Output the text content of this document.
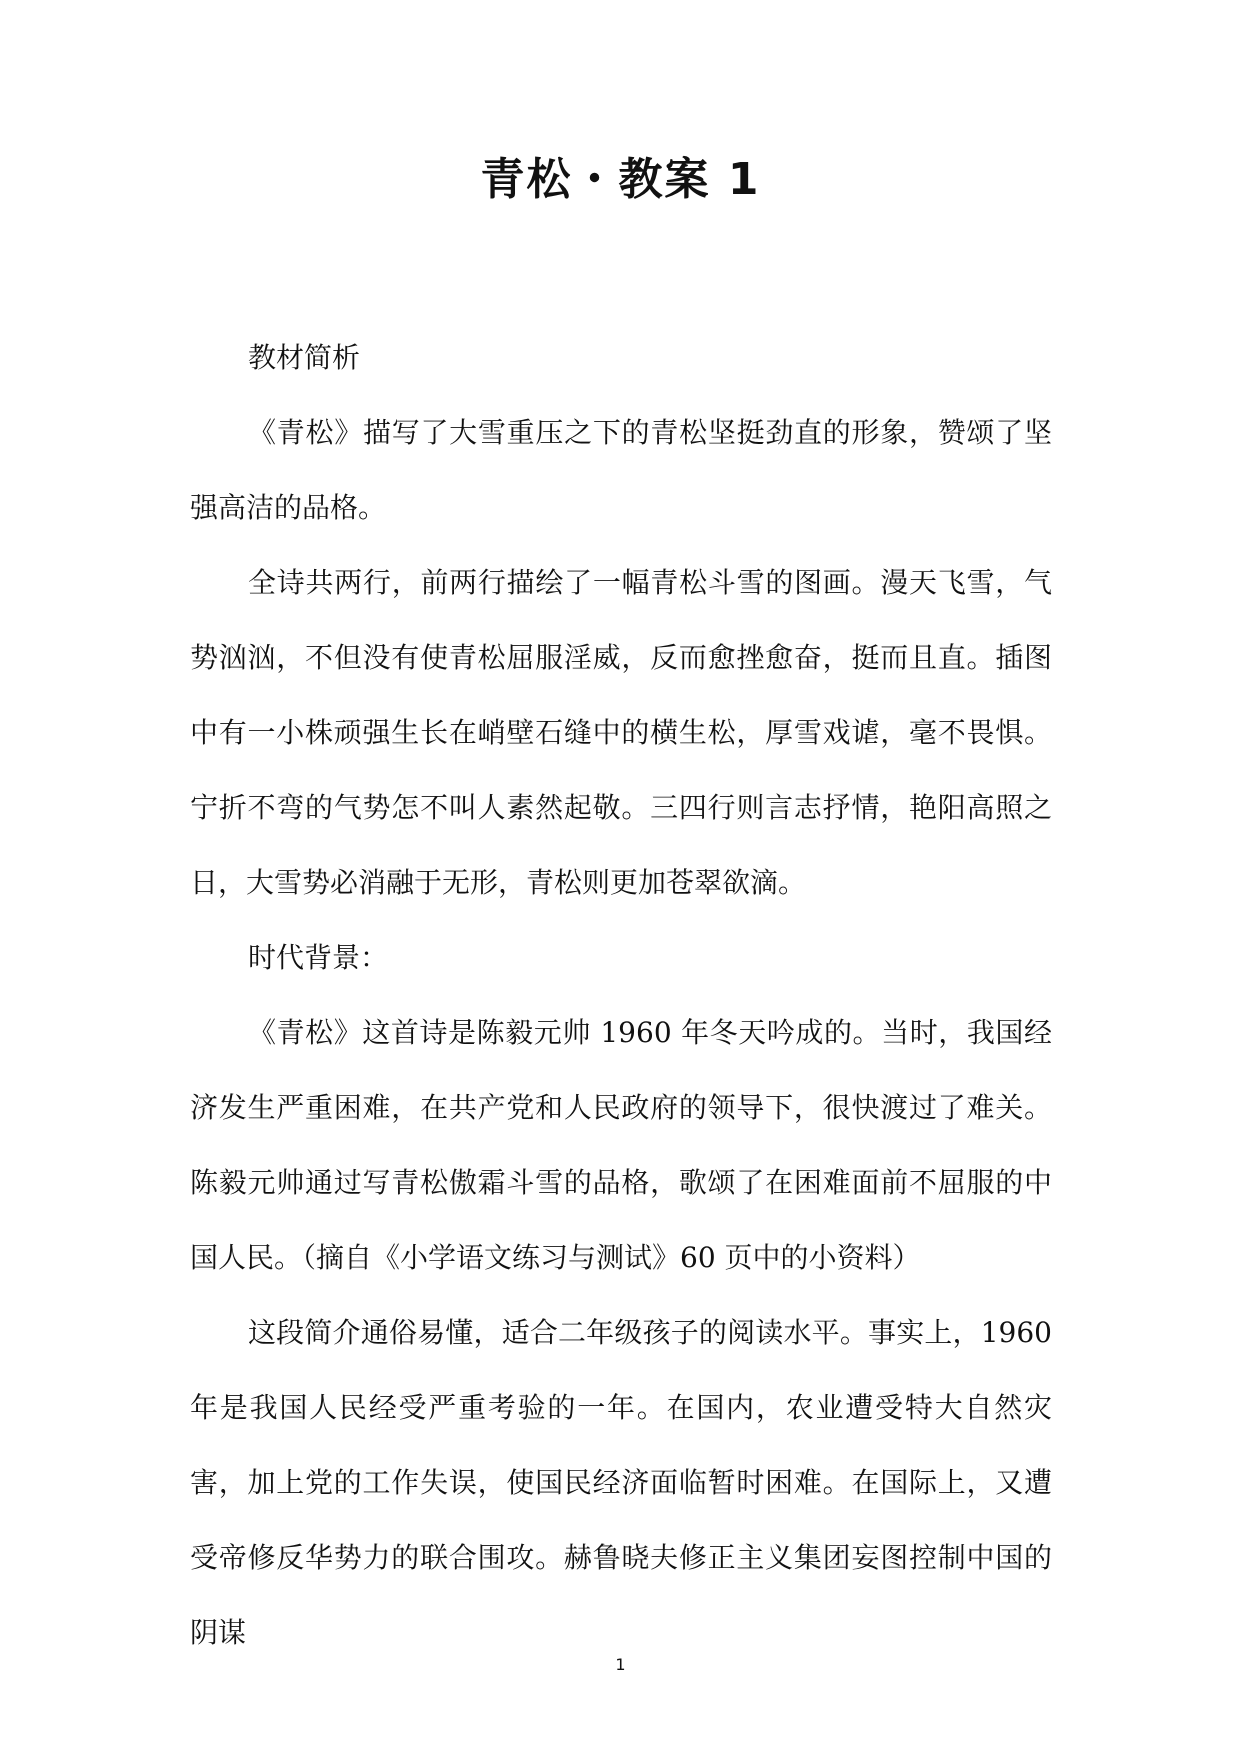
青松・教案 1

教材简析

《青松》描写了大雪重压之下的青松坚挺劲直的形象，赞颂了坚强高洁的品格。

全诗共两行，前两行描绘了一幅青松斗雪的图画。漫天飞雪，气势汹汹，不但没有使青松屈服淫威，反而愈挫愈奋，挺而且直。插图中有一小株顽强生长在峭壁石缝中的横生松，厚雪戏谑，毫不畏惧。宁折不弯的气势怎不叫人素然起敬。三四行则言志抒情，艳阳高照之日，大雪势必消融于无形，青松则更加苍翠欲滴。

时代背景：

《青松》这首诗是陈毅元帅 1960 年冬天吟成的。当时，我国经济发生严重困难，在共产党和人民政府的领导下，很快渡过了难关。陈毅元帅通过写青松傲霜斗雪的品格，歌颂了在困难面前不屈服的中国人民。（摘自《小学语文练习与测试》60 页中的小资料）

这段简介通俗易懂，适合二年级孩子的阅读水平。事实上，1960年是我国人民经受严重考验的一年。在国内，农业遭受特大自然灾害，加上党的工作失误，使国民经济面临暂时困难。在国际上，又遭受帝修反华势力的联合围攻。赫鲁晓夫修正主义集团妄图控制中国的阴谋

1
